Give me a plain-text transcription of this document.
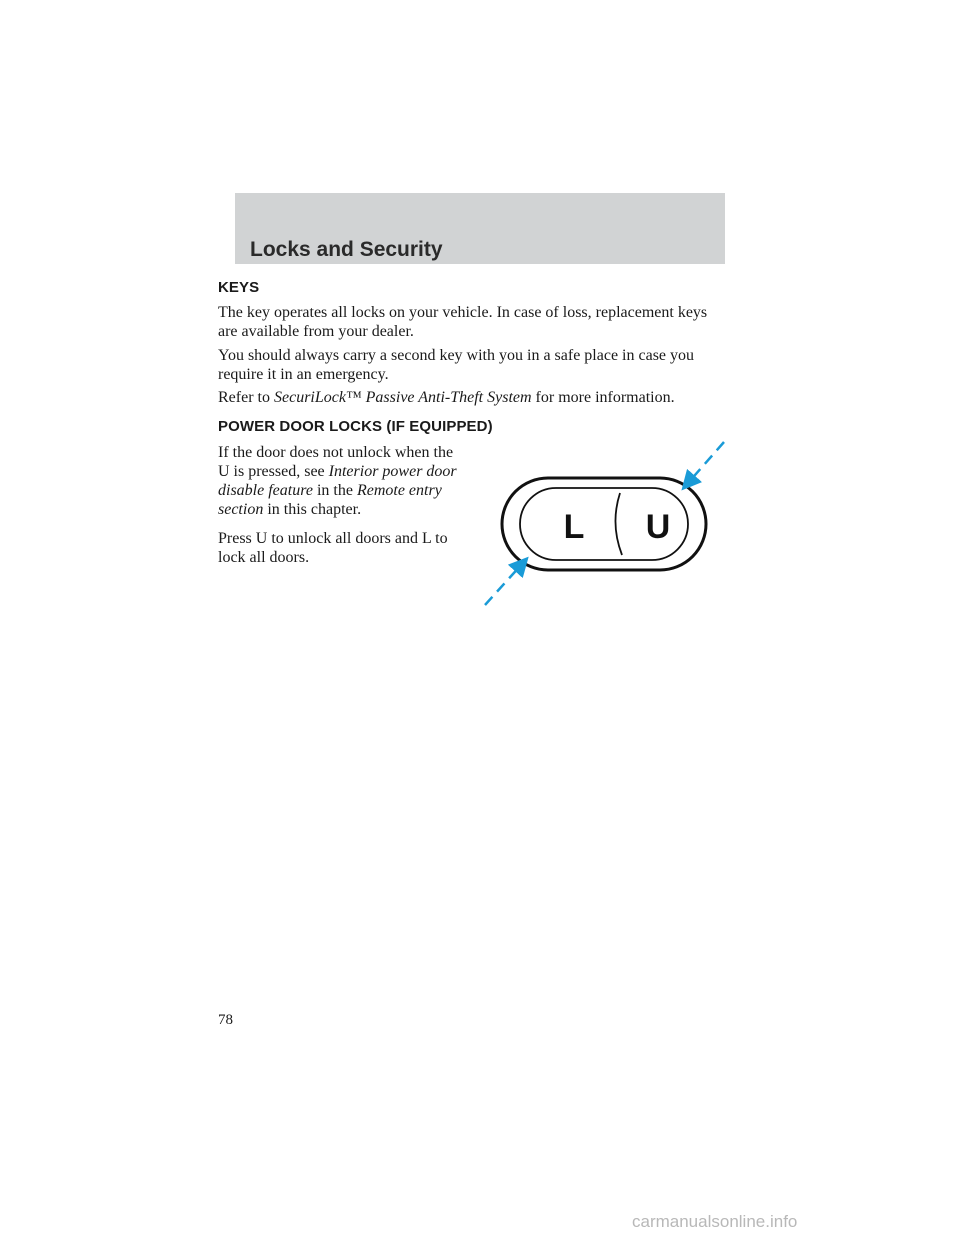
Locks and Security
KEYS

The key operates all locks on your vehicle. In case of loss, replacement keys are available from your dealer.

You should always carry a second key with you in a safe place in case you require it in an emergency.

Refer to SecuriLock™ Passive Anti-Theft System for more information.

POWER DOOR LOCKS (IF EQUIPPED)

If the door does not unlock when the U is pressed, see Interior power door disable feature in the Remote entry section in this chapter.

Press U to unlock all doors and L to lock all doors.

L U
78
carmanualsonline.info
